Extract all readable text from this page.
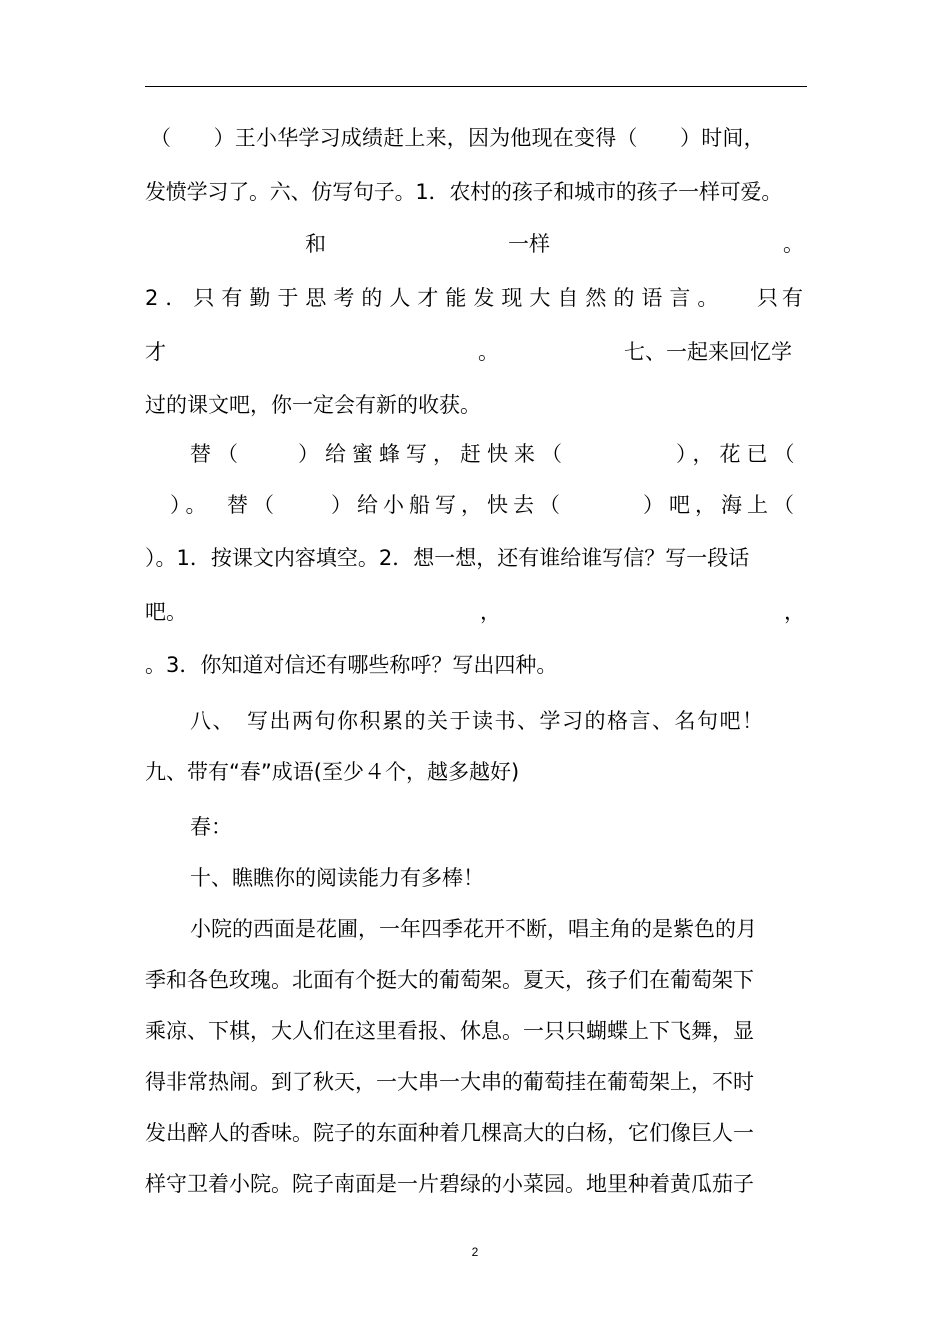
（　　）王小华学习成绩赶上来，因为他现在变得（　　）时间，
发愤学习了。六、仿写句子。1．农村的孩子和城市的孩子一样可爱。
和	一样	。
2．只有勤于思考的人才能发现大自然的语言。 只有
才	。	七、一起来回忆学
过的课文吧，你一定会有新的收获。
替（　　）给蜜蜂写，赶快来（　　　　），花已（
）。　替（　　）给小船写，快去（　　　）吧，海上（
）。1．按课文内容填空。2．想一想，还有谁给谁写信？写一段话
吧。	，	，
。3．你知道对信还有哪些称呼？写出四种。
八、　写出两句你积累的关于读书、学习的格言、名句吧！
九、带有“春”成语(至少４个，越多越好)
春：
十、瞧瞧你的阅读能力有多棒！
小院的西面是花圃，一年四季花开不断，唱主角的是紫色的月
季和各色玫瑰。北面有个挺大的葡萄架。夏天，孩子们在葡萄架下
乘凉、下棋，大人们在这里看报、休息。一只只蝴蝶上下飞舞，显
得非常热闹。到了秋天，一大串一大串的葡萄挂在葡萄架上，不时
发出醉人的香味。院子的东面种着几棵高大的白杨，它们像巨人一
样守卫着小院。院子南面是一片碧绿的小菜园。地里种着黄瓜茄子
2
